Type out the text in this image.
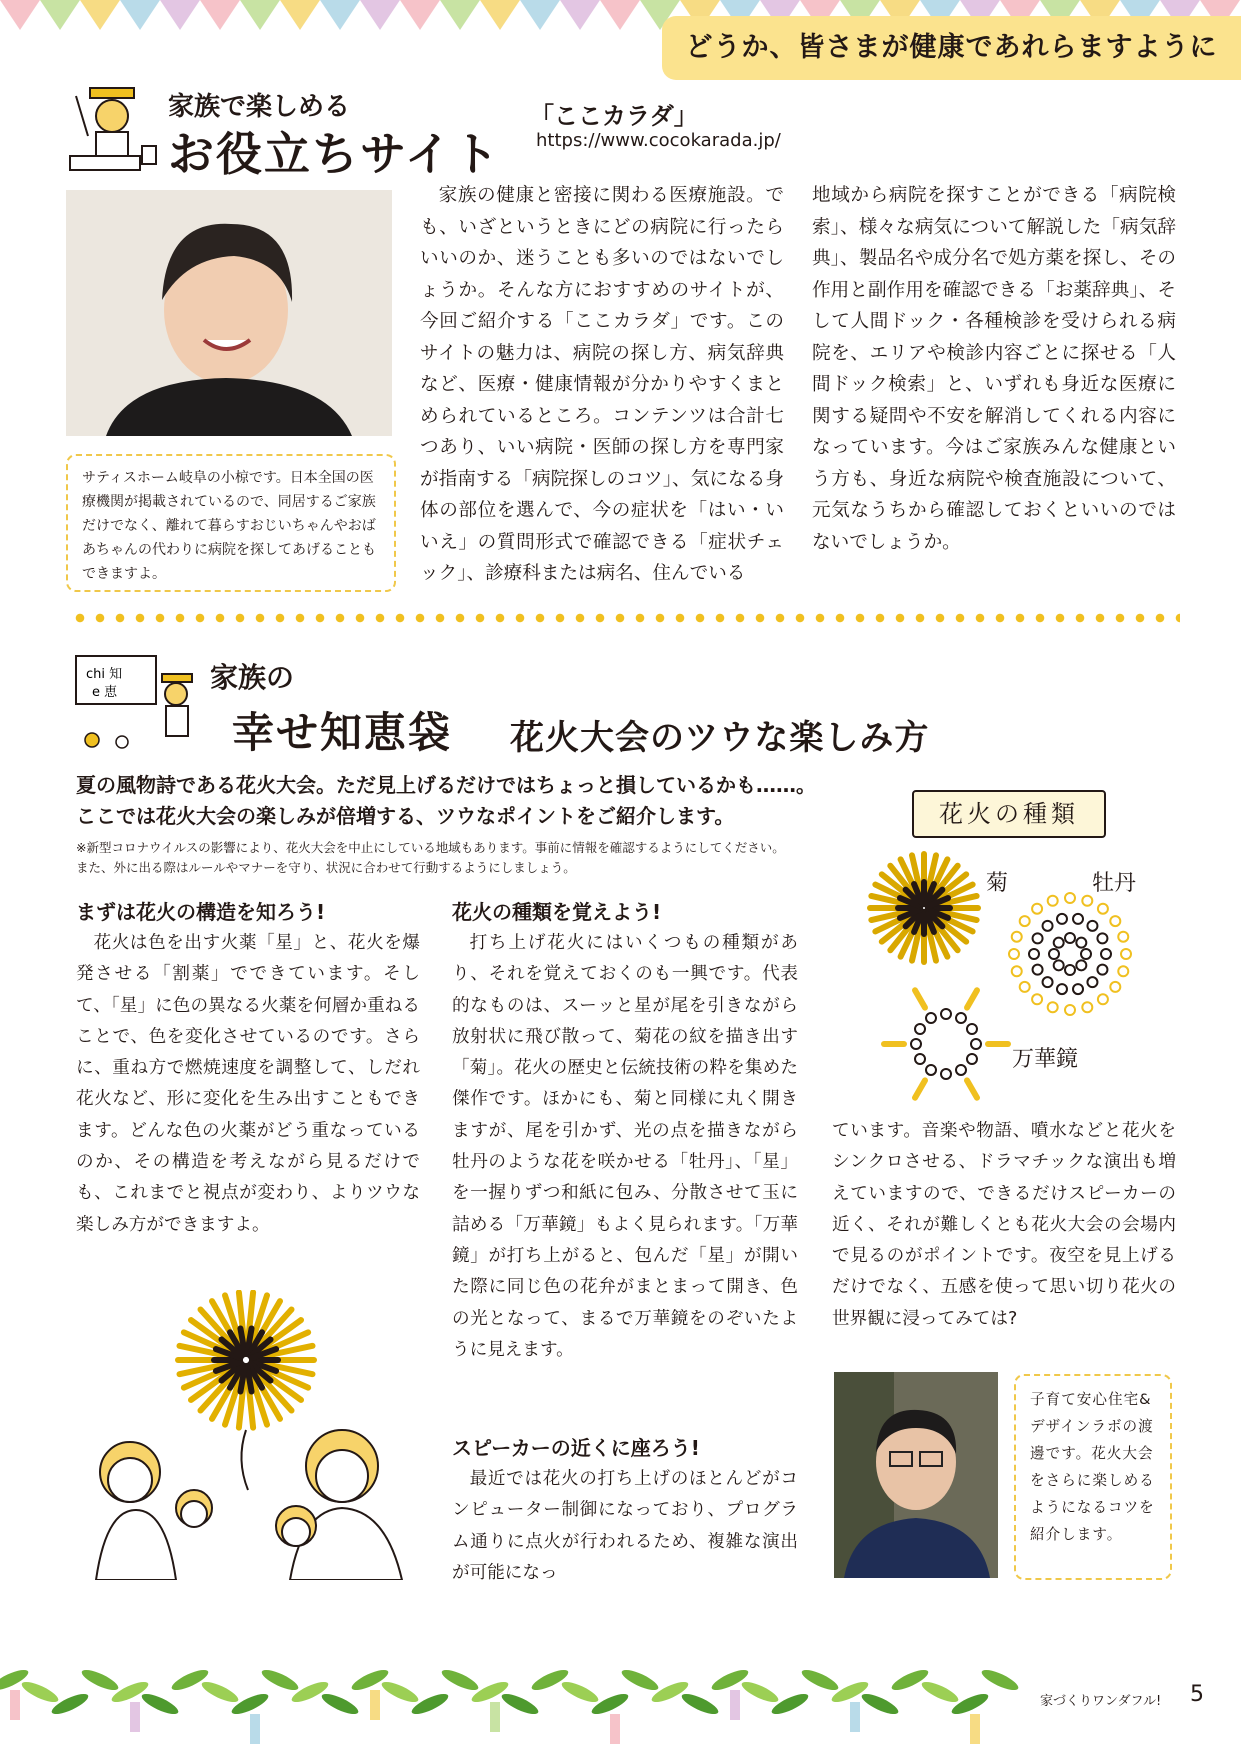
どうか、皆さまが健康であれらますように
家族で楽しめる
お役立ちサイト
「ここカラダ」
https://www.cocokarada.jp/
サティスホーム岐阜の小椋です。日本全国の医療機関が掲載されているので、同居するご家族だけでなく、離れて暮らすおじいちゃんやおばあちゃんの代わりに病院を探してあげることもできますよ。

家族の健康と密接に関わる医療施設。でも、いざというときにどの病院に行ったらいいのか、迷うことも多いのではないでしょうか。そんな方におすすめのサイトが、今回ご紹介する「ここカラダ」です。このサイトの魅力は、病院の探し方、病気辞典など、医療・健康情報が分かりやすくまとめられているところ。コンテンツは合計七つあり、いい病院・医師の探し方を専門家が指南する「病院探しのコツ」、気になる身体の部位を選んで、今の症状を「はい・いいえ」の質問形式で確認できる「症状チェック」、診療科または病名、住んでいる

地域から病院を探すことができる「病院検索」、様々な病気について解説した「病気辞典」、製品名や成分名で処方薬を探し、その作用と副作用を確認できる「お薬辞典」、そして人間ドック・各種検診を受けられる病院を、エリアや検診内容ごとに探せる「人間ドック検索」と、いずれも身近な医療に関する疑問や不安を解消してくれる内容になっています。今はご家族みんな健康という方も、身近な病院や検査施設について、元気なうちから確認しておくといいのではないでしょうか。

chi 知
e 恵	家族の
幸せ知恵袋 花火大会のツウな楽しみ方
夏の風物詩である花火大会。ただ見上げるだけではちょっと損しているかも……。
ここでは花火大会の楽しみが倍増する、ツウなポイントをご紹介します。
※新型コロナウイルスの影響により、花火大会を中止にしている地域もあります。事前に情報を確認するようにしてください。
また、外に出る際はルールやマナーを守り、状況に合わせて行動するようにしましょう。
花火の種類
菊	牡丹
万華鏡
まずは花火の構造を知ろう!

花火は色を出す火薬「星」と、花火を爆発させる「割薬」でできています。そして、「星」に色の異なる火薬を何層か重ねることで、色を変化させているのです。さらに、重ね方で燃焼速度を調整して、しだれ花火など、形に変化を生み出すこともできます。どんな色の火薬がどう重なっているのか、その構造を考えながら見るだけでも、これまでと視点が変わり、よりツウな楽しみ方ができますよ。

花火の種類を覚えよう!

打ち上げ花火にはいくつもの種類があり、それを覚えておくのも一興です。代表的なものは、スーッと星が尾を引きながら放射状に飛び散って、菊花の紋を描き出す「菊」。花火の歴史と伝統技術の粋を集めた傑作です。ほかにも、菊と同様に丸く開きますが、尾を引かず、光の点を描きながら牡丹のような花を咲かせる「牡丹」、「星」を一握りずつ和紙に包み、分散させて玉に詰める「万華鏡」もよく見られます。「万華鏡」が打ち上がると、包んだ「星」が開いた際に同じ色の花弁がまとまって開き、色の光となって、まるで万華鏡をのぞいたように見えます。

スピーカーの近くに座ろう!

最近では花火の打ち上げのほとんどがコンピューター制御になっており、プログラム通りに点火が行われるため、複雑な演出が可能になっ

ています。音楽や物語、噴水などと花火をシンクロさせる、ドラマチックな演出も増えていますので、できるだけスピーカーの近く、それが難しくとも花火大会の会場内で見るのがポイントです。夜空を見上げるだけでなく、五感を使って思い切り花火の世界観に浸ってみては?

子育て安心住宅&デザインラボの渡邊です。花火大会をさらに楽しめるようになるコツを紹介します。
家づくりワンダフル! 5
